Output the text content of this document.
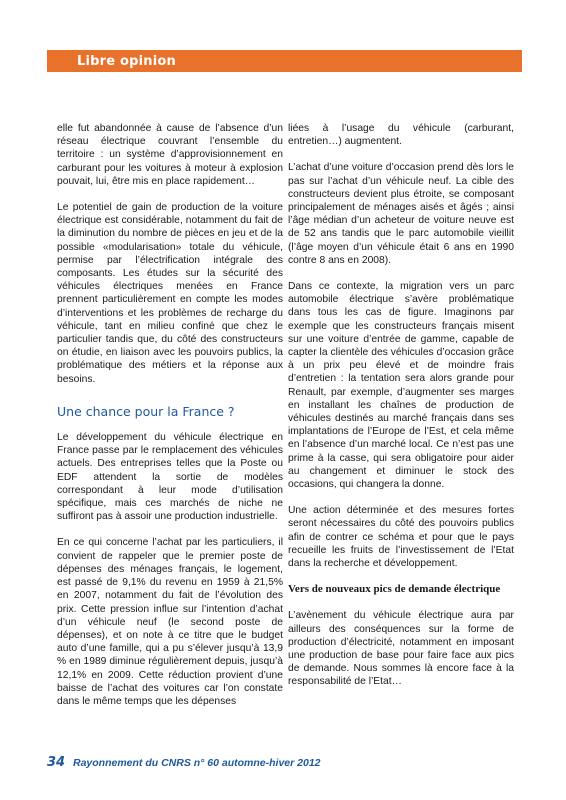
Libre opinion

elle fut abandonnée à cause de l’absence d’un réseau électrique couvrant l’ensemble du territoire : un système d’approvisionnement en carburant pour les voitures à moteur à explosion pouvait, lui, être mis en place rapidement…

Le potentiel de gain de production de la voiture électrique est considérable, notamment du fait de la diminution du nombre de pièces en jeu et de la possible «modularisation» totale du véhicule, permise par l’électrification intégrale des composants. Les études sur la sécurité des véhicules électriques menées en France prennent particulièrement en compte les modes d’interventions et les problèmes de recharge du véhicule, tant en milieu confiné que chez le particulier tandis que, du côté des constructeurs on étudie, en liaison avec les pouvoirs publics, la problématique des métiers et la réponse aux besoins.

Une chance pour la France ?

Le développement du véhicule électrique en France passe par le remplacement des véhicules actuels. Des entreprises telles que la Poste ou EDF attendent la sortie de modèles correspondant à leur mode d’utilisation spécifique, mais ces marchés de niche ne suffiront pas à assoir une production industrielle.

En ce qui concerne l’achat par les particuliers, il convient de rappeler que le premier poste de dépenses des ménages français, le logement, est passé de 9,1% du revenu en 1959 à 21,5% en 2007, notamment du fait de l’évolution des prix. Cette pression influe sur l’intention d’achat d’un véhicule neuf (le second poste de dépenses), et on note à ce titre que le budget auto d’une famille, qui a pu s’élever jusqu’à 13,9 % en 1989 diminue régulièrement depuis, jusqu’à 12,1% en 2009. Cette réduction provient d’une baisse de l’achat des voitures car l’on constate dans le même temps que les dépenses

liées à l’usage du véhicule (carburant, entretien…) augmentent.

L’achat d’une voiture d’occasion prend dès lors le pas sur l’achat d’un véhicule neuf. La cible des constructeurs devient plus étroite, se composant principalement de ménages aisés et âgés ; ainsi l’âge médian d’un acheteur de voiture neuve est de 52 ans tandis que le parc automobile vieillit (l’âge moyen d’un véhicule était 6 ans en 1990 contre 8 ans en 2008).

Dans ce contexte, la migration vers un parc automobile électrique s’avère problématique dans tous les cas de figure. Imaginons par exemple que les constructeurs français misent sur une voiture d’entrée de gamme, capable de capter la clientèle des véhicules d’occasion grâce à un prix peu élevé et de moindre frais d’entretien : la tentation sera alors grande pour Renault, par exemple, d’augmenter ses marges en installant les chaînes de production de véhicules destinés au marché français dans ses implantations de l’Europe de l’Est, et cela même en l’absence d’un marché local. Ce n’est pas une prime à la casse, qui sera obligatoire pour aider au changement et diminuer le stock des occasions, qui changera la donne.

Une action déterminée et des mesures fortes seront nécessaires du côté des pouvoirs publics afin de contrer ce schéma et pour que le pays recueille les fruits de l’investissement de l’Etat dans la recherche et développement.

Vers de nouveaux pics de demande électrique

L’avènement du véhicule électrique aura par ailleurs des conséquences sur la forme de production d’électricité, notamment en imposant une production de base pour faire face aux pics de demande. Nous sommes là encore face à la responsabilité de l’Etat…

34 Rayonnement du CNRS n° 60 automne-hiver 2012
